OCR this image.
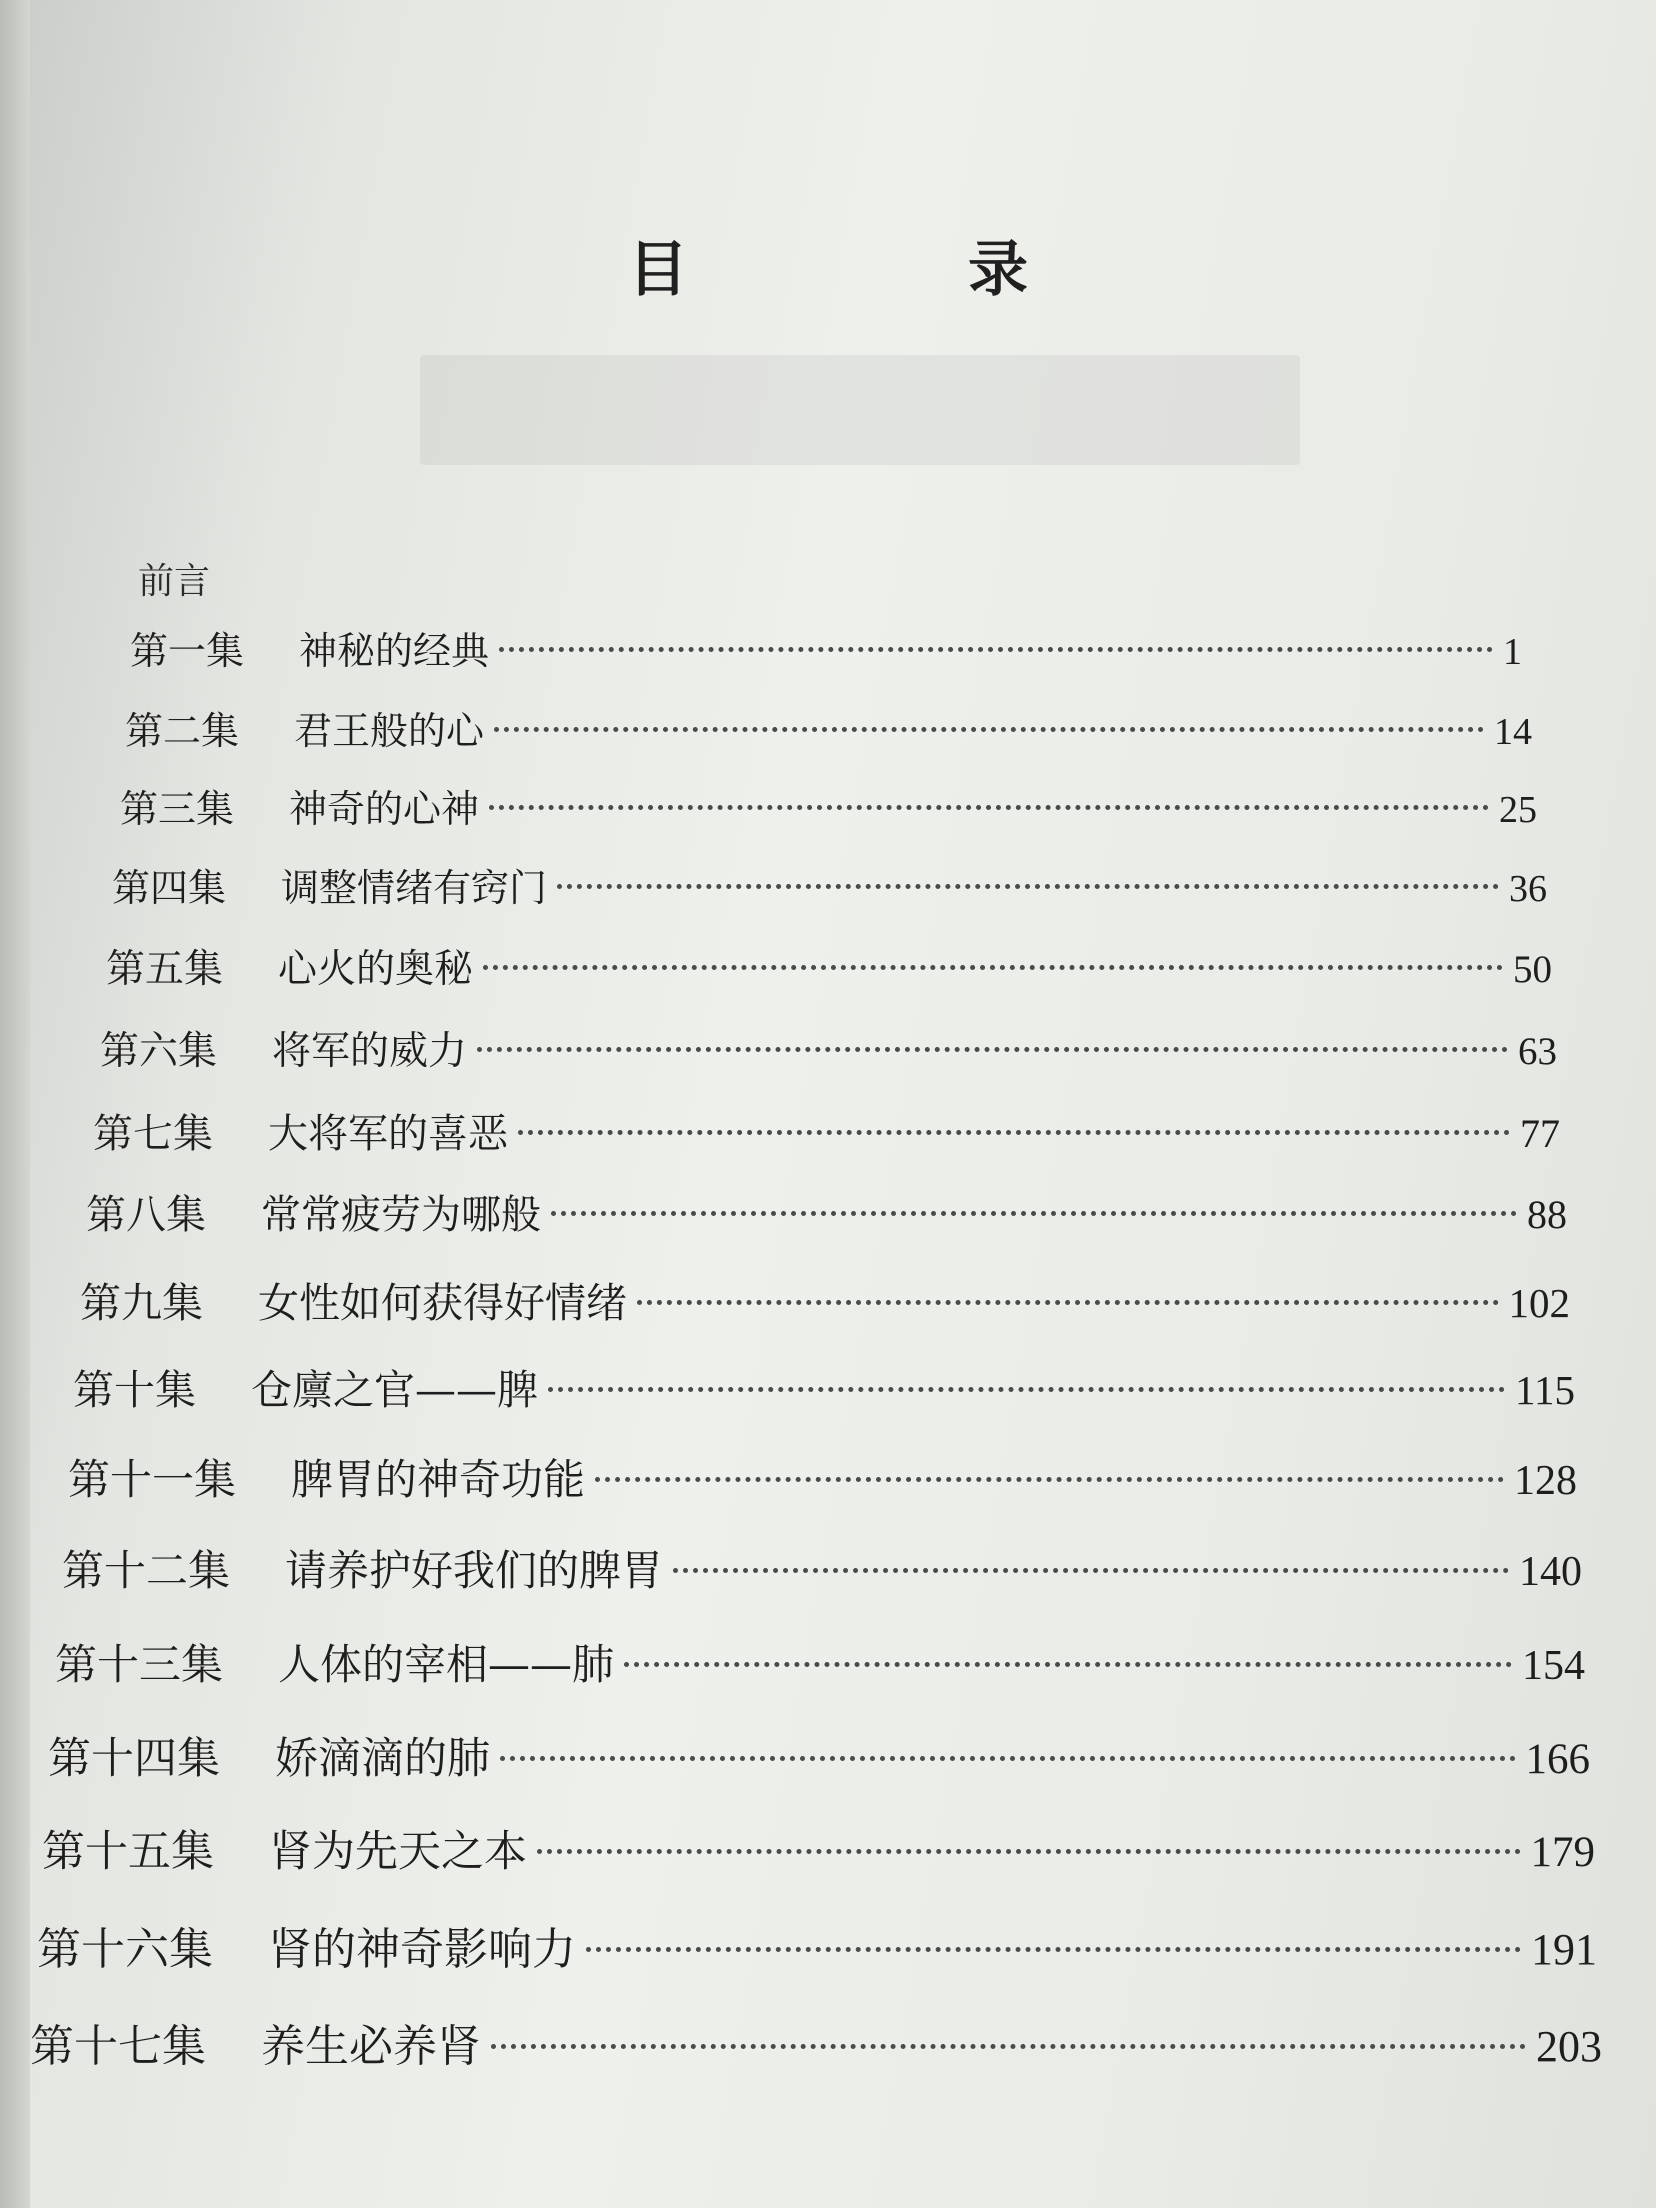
目　录
前言
第一集 神秘的经典	1
第二集 君王般的心	14
第三集 神奇的心神	25
第四集 调整情绪有窍门	36
第五集 心火的奥秘	50
第六集 将军的威力	63
第七集 大将军的喜恶	77
第八集 常常疲劳为哪般	88
第九集 女性如何获得好情绪	102
第十集 仓廪之官——脾	115
第十一集 脾胃的神奇功能	128
第十二集 请养护好我们的脾胃	140
第十三集 人体的宰相——肺	154
第十四集 娇滴滴的肺	166
第十五集 肾为先天之本	179
第十六集 肾的神奇影响力	191
第十七集 养生必养肾	203
